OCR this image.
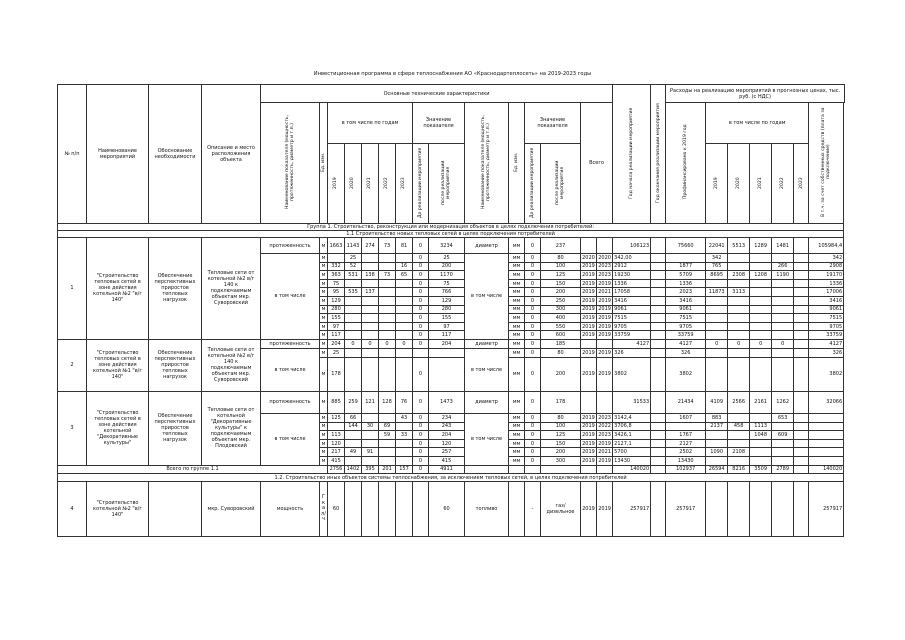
Инвестиционная программа в сфере теплоснабжения АО «Краснодартеплосеть» на 2019-2023 годы
№ п/п	Наименование мероприятий	Обоснование необходимости	Описание и место расположения объекта	Основные технические характеристики															Год начала реализации мероприятия	Год окончания реализации мероприятия	Расходы на реализацию мероприятий в прогнозных ценах, тыс. руб. (с НДС)						
				Наименование показателя (мощность, протяженность, диаметр и т.п.)	Ед. изм.	в том числе по годам					Значение показателя		Наименование показателя (мощность, протяженность, диаметр и т.п.)	Ед. изм.	Значение показателя		Всего				Профинансировано к 2019 год	в том числе по годам					В т.ч. за счет собственных средств (плата за подключение)
						2019	2020	2021	2022	2023	До реализации мероприятия	после реализации мероприятия			До реализации мероприятия	после реализации мероприятия						2019	2020	2021	2022	2023	
Группа 1. Строительство, реконструкция или модернизация объектов в целях подключения потребителей:																											
1.1 Строительство новых тепловых сетей в целях подключения потребителей																											
1	"Строительство тепловых сетей в зоне действия котельной №2 "в/г 140"	Обеспечение перспективных приростов тепловых нагрузок	Тепловые сети от котельной №2 в/г 140 к подключаемым объектам мкр. Суворовский	протяженность	м	1663	1143	274	73	81	0	3234	диаметр	мм	0	237			106123		75660	22041	5513	1289	1481		105984,4
				в том числе	м		25				0	25	в том числе	мм	0	80	2020	2020	342,00			342					342
					м	332	52			16	0	200		мм	0	100	2019	2023	2912		1877	765			266		2908
					м	363	531	138	73	65	0	1170		мм	0	125	2019	2023	19230		5709	8695	2308	1208	1190		19170
					м	75					0	75		мм	0	150	2019	2019	1336		1336						1336
					м	95	535	137			0	766		мм	0	200	2019	2021	17058		2023	11873	3113				17006
					м	129					0	129		мм	0	250	2019	2019	3416		3416						3416
					м	280					0	280		мм	0	300	2019	2019	9061		9061						9061
					м	155					0	155		мм	0	400	2019	2019	7515		7515						7515
					м	97					0	97		мм	0	550	2019	2019	9705		9705						9705
					м	117					0	117		мм	0	600	2019	2019	33759		33759						33759
2	"Строительство тепловых сетей в зоне действия котельной №1 "в/г 140"	Обеспечение перспективных приростов тепловых нагрузок	Тепловые сети от котельной №2 в/г 140 к подключаемым объектам мкр. Суворовский	протяженность	м	204	0	0	0	0	0	204	диаметр	мм	0	185			4127		4127	0	0	0	0		4127
				в том числе	м	25							в том числе	мм	0	80	2019	2019	326		326						326
					м	178					0			мм	0	200	2019	2019	3802		3802						3802
3	"Строительство тепловых сетей в зоне действия котельной "Декоративные культуры"	Обеспечение перспективных приростов тепловых нагрузок	Тепловые сети от котельной "Декоративные культуры" к подключаемым объектам мкр. Плодовский	протяженность	м	885	259	121	128	76	0	1473	диаметр	мм	0	178			31533		21434	4109	2566	2161	1262		32066
				в том числе	м	125	66			43	0	234	в том числе	мм	0	80	2019	2023	3142,4		1607	883			653		
					м		144	30	69		0	243		мм	0	100	2019	2022	3706,8			2137	458	1113			
					м	113			59	33	0	204		мм	0	125	2019	2023	3426,1		1767			1048	609		
					м	120					0	120		мм	0	150	2019	2019	2127,1		2127						
					м	217	49	91			0	257		мм	0	200	2019	2021	5700		2502	1090	2108				
					м	415					0	415		мм	0	300	2019	2019	13430		13430						
Всего по группе 1.1						2756	1402	395	201	157	0	4911							140020		102937	26594	8216	3509	2789		140020
1.2. Строительство иных объектов системы теплоснабжения, за исключением тепловых сетей, в целях подключения потребителей																											
4	"Строительство котельной №2 "в/г 140"		мкр. Суворовский	мощность	Гкал/ч	60						60	топливо		-	газ/дизельное	2019	2019	257917		257917						257917
